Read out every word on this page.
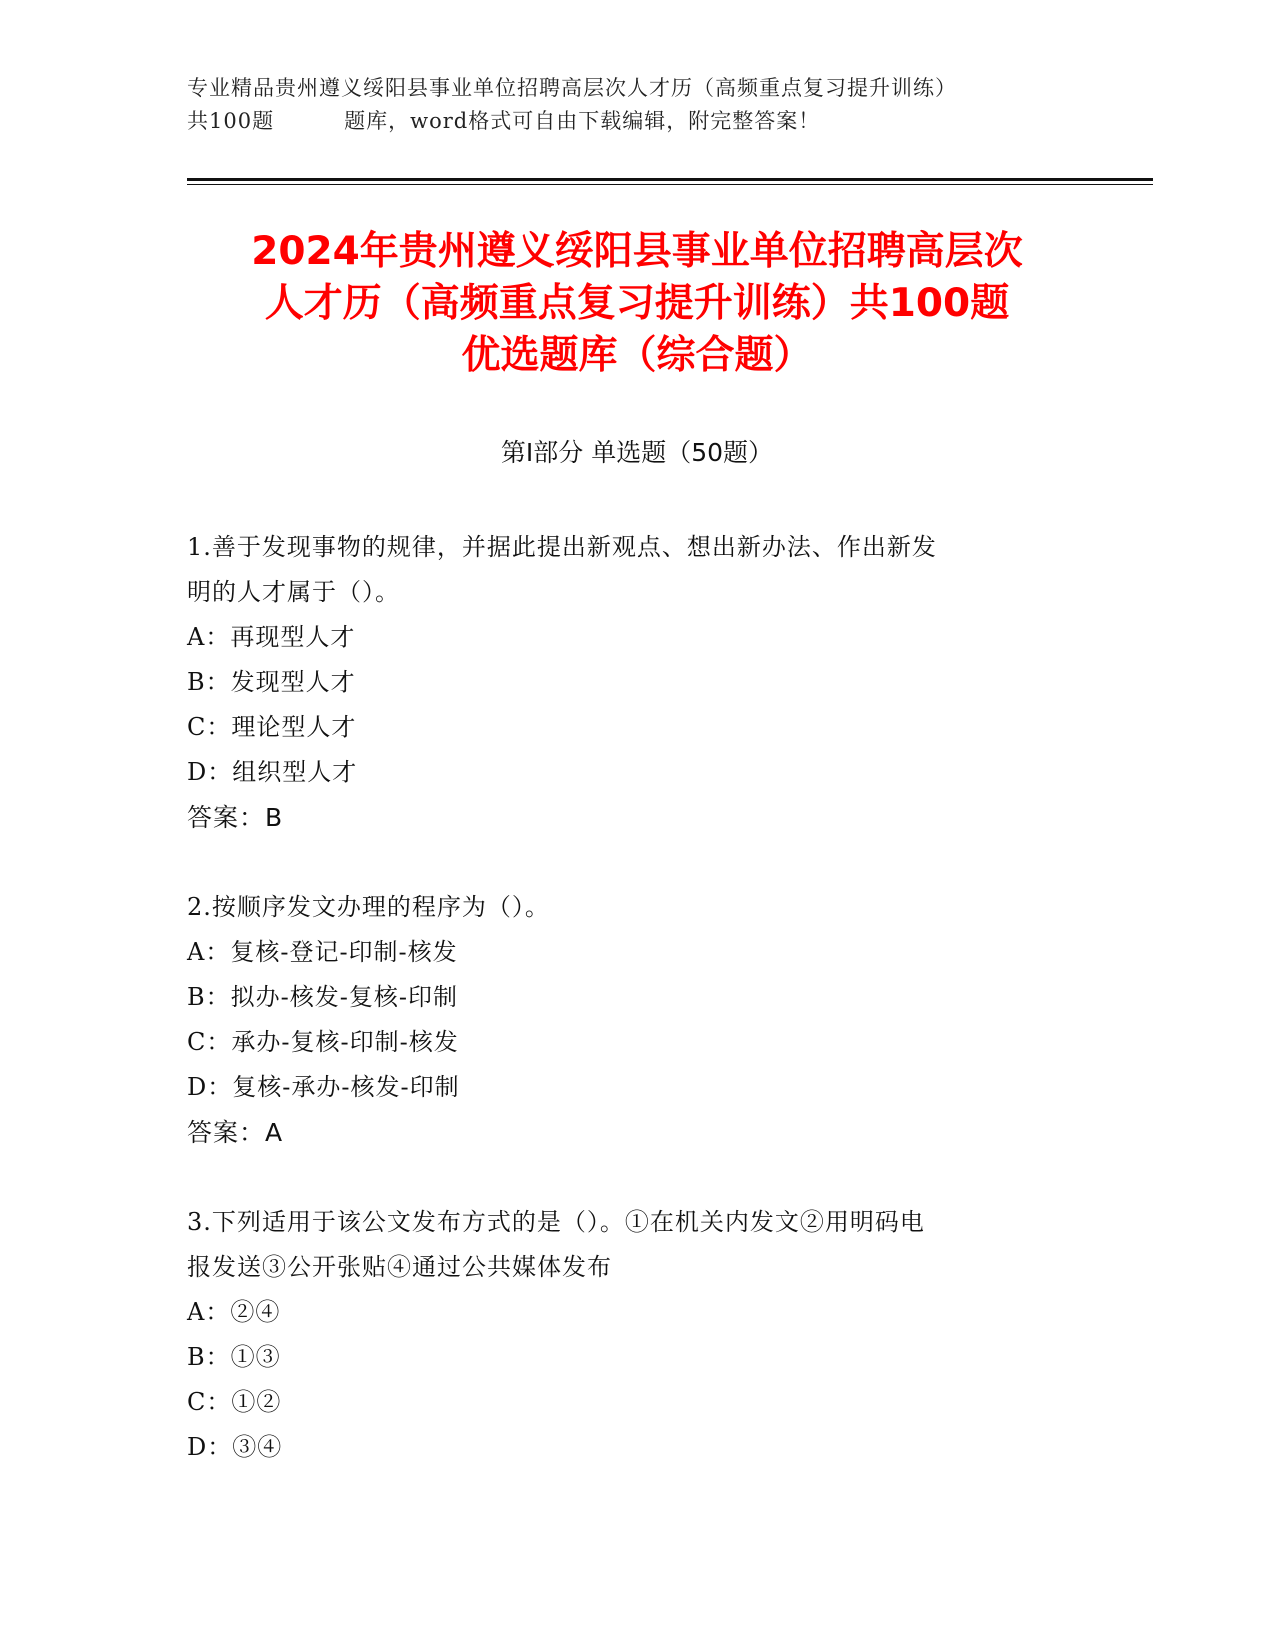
专业精品贵州遵义绥阳县事业单位招聘高层次人才历（高频重点复习提升训练）
共100题	题库，word格式可自由下载编辑，附完整答案！
2024年贵州遵义绥阳县事业单位招聘高层次
人才历（高频重点复习提升训练）共100题
优选题库（综合题）
第Ⅰ部分 单选题（50题）

1.善于发现事物的规律，并据此提出新观点、想出新办法、作出新发

明的人才属于（）。

A：再现型人才

B：发现型人才

C：理论型人才

D：组织型人才

答案：B

2.按顺序发文办理的程序为（）。

A：复核-登记-印制-核发

B：拟办-核发-复核-印制

C：承办-复核-印制-核发

D：复核-承办-核发-印制

答案：A

3.下列适用于该公文发布方式的是（）。①在机关内发文②用明码电

报发送③公开张贴④通过公共媒体发布

A：②④

B：①③

C：①②

D：③④
